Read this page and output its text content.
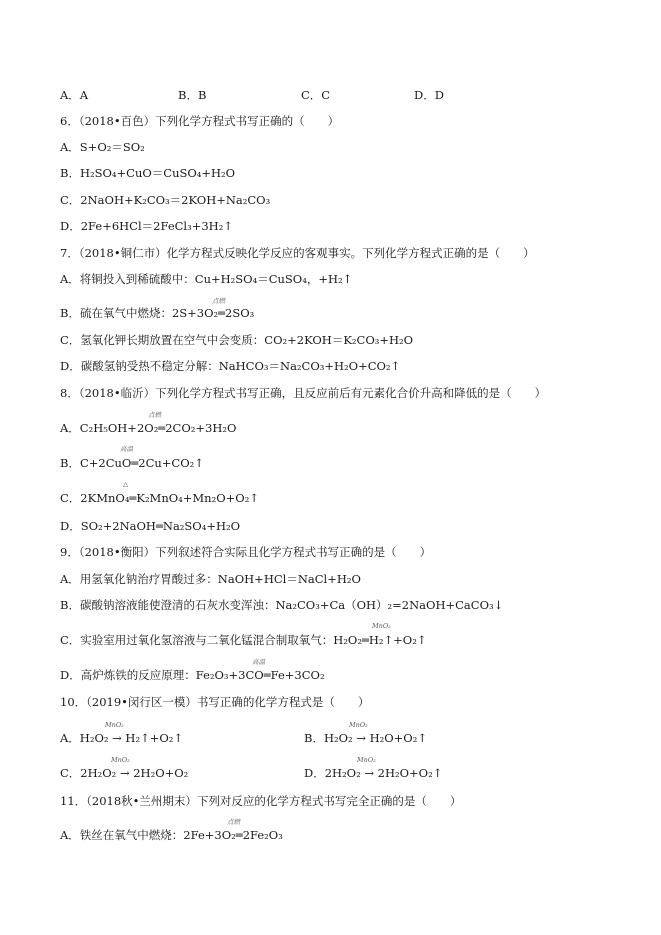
A．A	B．B	C．C	D．D
6．（2018•百色）下列化学方程式书写正确的（　　）
A．S+O₂＝SO₂
B．H₂SO₄+CuO＝CuSO₄+H₂O
C．2NaOH+K₂CO₃＝2KOH+Na₂CO₃
D．2Fe+6HCl＝2FeCl₃+3H₂↑
7．（2018•铜仁市）化学方程式反映化学反应的客观事实。下列化学方程式正确的是（　　）
A．将铜投入到稀硫酸中：Cu+H₂SO₄＝CuSO₄，+H₂↑
点燃
B．硫在氧气中燃烧：2S+3O₂═2SO₃
C．氢氧化钾长期放置在空气中会变质：CO₂+2KOH＝K₂CO₃+H₂O
D．碳酸氢钠受热不稳定分解：NaHCO₃＝Na₂CO₃+H₂O+CO₂↑
8．（2018•临沂）下列化学方程式书写正确，且反应前后有元素化合价升高和降低的是（　　）
点燃
A．C₂H₅OH+2O₂═2CO₂+3H₂O
高温
B．C+2CuO═2Cu+CO₂↑
△
C．2KMnO₄═K₂MnO₄+Mn₂O+O₂↑
D．SO₂+2NaOH═Na₂SO₄+H₂O
9．（2018•衡阳）下列叙述符合实际且化学方程式书写正确的是（　　）
A．用氢氧化钠治疗胃酸过多：NaOH+HCl＝NaCl+H₂O
B．碳酸钠溶液能使澄清的石灰水变浑浊：Na₂CO₃+Ca（OH）₂=2NaOH+CaCO₃↓
MnO₂
C．实验室用过氧化氢溶液与二氧化锰混合制取氧气：H₂O₂═H₂↑+O₂↑
高温
D．高炉炼铁的反应原理：Fe₂O₃+3CO═Fe+3CO₂
10．（2019•闵行区一模）书写正确的化学方程式是（　　）
MnO₂	MnO₂
A．H₂O₂ → H₂↑+O₂↑	B．H₂O₂ → H₂O+O₂↑
MnO₂	MnO₂
C．2H₂O₂ → 2H₂O+O₂	D．2H₂O₂ → 2H₂O+O₂↑
11．（2018秋•兰州期末）下列对反应的化学方程式书写完全正确的是（　　）
点燃
A．铁丝在氧气中燃烧：2Fe+3O₂═2Fe₂O₃
